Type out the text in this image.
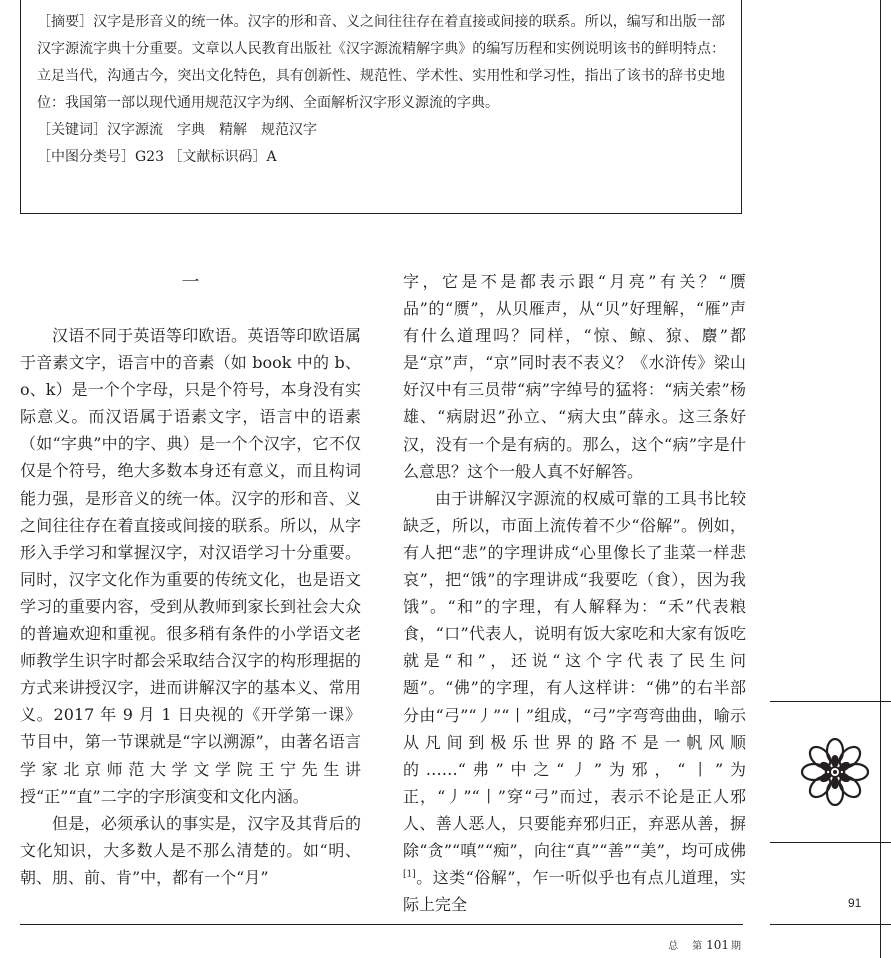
［摘要］汉字是形音义的统一体。汉字的形和音、义之间往往存在着直接或间接的联系。所以，编写和出版一部汉字源流字典十分重要。文章以人民教育出版社《汉字源流精解字典》的编写历程和实例说明该书的鲜明特点：立足当代，沟通古今，突出文化特色，具有创新性、规范性、学术性、实用性和学习性，指出了该书的辞书史地位：我国第一部以现代通用规范汉字为纲、全面解析汉字形义源流的字典。

［关键词］汉字源流　字典　精解　规范汉字

［中图分类号］G23 ［文献标识码］A

一

汉语不同于英语等印欧语。英语等印欧语属于音素文字，语言中的音素（如 book 中的 b、o、k）是一个个字母，只是个符号，本身没有实际意义。而汉语属于语素文字，语言中的语素（如“字典”中的字、典）是一个个汉字，它不仅仅是个符号，绝大多数本身还有意义，而且构词能力强，是形音义的统一体。汉字的形和音、义之间往往存在着直接或间接的联系。所以，从字形入手学习和掌握汉字，对汉语学习十分重要。同时，汉字文化作为重要的传统文化，也是语文学习的重要内容，受到从教师到家长到社会大众的普遍欢迎和重视。很多稍有条件的小学语文老师教学生识字时都会采取结合汉字的构形理据的方式来讲授汉字，进而讲解汉字的基本义、常用义。2017 年 9 月 1 日央视的《开学第一课》节目中，第一节课就是“字以溯源”，由著名语言学家北京师范大学文学院王宁先生讲授“正”“直”二字的字形演变和文化内涵。

但是，必须承认的事实是，汉字及其背后的文化知识，大多数人是不那么清楚的。如“明、朝、朋、前、肯”中，都有一个“月”

字，它是不是都表示跟“月亮”有关？“赝品”的“赝”，从贝雁声，从“贝”好理解，“雁”声有什么道理吗？同样，“惊、鲸、猄、麖”都是“京”声，“京”同时表不表义？《水浒传》梁山好汉中有三员带“病”字绰号的猛将：“病关索”杨雄、“病尉迟”孙立、“病大虫”薛永。这三条好汉，没有一个是有病的。那么，这个“病”字是什么意思？这个一般人真不好解答。

由于讲解汉字源流的权威可靠的工具书比较缺乏，所以，市面上流传着不少“俗解”。例如，有人把“悲”的字理讲成“心里像长了韭菜一样悲哀”，把“饿”的字理讲成“我要吃（食），因为我饿”。“和”的字理，有人解释为：“禾”代表粮食，“口”代表人，说明有饭大家吃和大家有饭吃就是“和”，还说“这个字代表了民生问题”。“佛”的字理，有人这样讲：“佛”的右半部分由“弓”“丿”“丨”组成，“弓”字弯弯曲曲，喻示从凡间到极乐世界的路不是一帆风顺的……“弗”中之“丿”为邪，“丨”为正，“丿”“丨”穿“弓”而过，表示不论是正人邪人、善人恶人，只要能弃邪归正，弃恶从善，摒除“贪”“嗔”“痴”，向往“真”“善”“美”，均可成佛[1]。这类“俗解”，乍一听似乎也有点儿道理，实际上完全

总　第 101 期
91
